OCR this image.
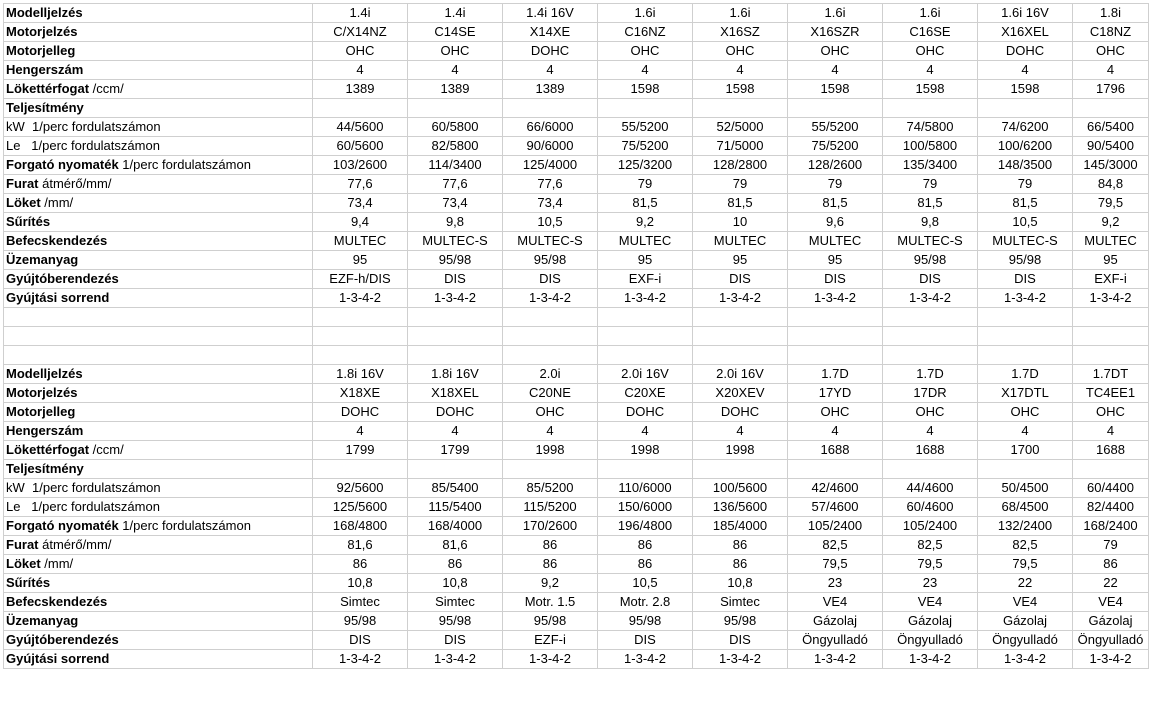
Modelljelzés	1.4i	1.4i	1.4i 16V	1.6i	1.6i	1.6i	1.6i	1.6i 16V	1.8i
Motorjelzés	C/X14NZ	C14SE	X14XE	C16NZ	X16SZ	X16SZR	C16SE	X16XEL	C18NZ
Motorjelleg	OHC	OHC	DOHC	OHC	OHC	OHC	OHC	DOHC	OHC
Hengerszám	4	4	4	4	4	4	4	4	4
Lökettérfogat /ccm/	1389	1389	1389	1598	1598	1598	1598	1598	1796
Teljesítmény									
kW  1/perc fordulatszámon	44/5600	60/5800	66/6000	55/5200	52/5000	55/5200	74/5800	74/6200	66/5400
Le   1/perc fordulatszámon	60/5600	82/5800	90/6000	75/5200	71/5000	75/5200	100/5800	100/6200	90/5400
Forgató nyomaték 1/perc fordulatszámon	103/2600	114/3400	125/4000	125/3200	128/2800	128/2600	135/3400	148/3500	145/3000
Furat átmérő/mm/	77,6	77,6	77,6	79	79	79	79	79	84,8
Löket /mm/	73,4	73,4	73,4	81,5	81,5	81,5	81,5	81,5	79,5
Sűrítés	9,4	9,8	10,5	9,2	10	9,6	9,8	10,5	9,2
Befecskendezés	MULTEC	MULTEC-S	MULTEC-S	MULTEC	MULTEC	MULTEC	MULTEC-S	MULTEC-S	MULTEC
Üzemanyag	95	95/98	95/98	95	95	95	95/98	95/98	95
Gyújtóberendezés	EZF-h/DIS	DIS	DIS	EXF-i	DIS	DIS	DIS	DIS	EXF-i
Gyújtási sorrend	1-3-4-2	1-3-4-2	1-3-4-2	1-3-4-2	1-3-4-2	1-3-4-2	1-3-4-2	1-3-4-2	1-3-4-2

Modelljelzés	1.8i 16V	1.8i 16V	2.0i	2.0i 16V	2.0i 16V	1.7D	1.7D	1.7D	1.7DT
Motorjelzés	X18XE	X18XEL	C20NE	C20XE	X20XEV	17YD	17DR	X17DTL	TC4EE1
Motorjelleg	DOHC	DOHC	OHC	DOHC	DOHC	OHC	OHC	OHC	OHC
Hengerszám	4	4	4	4	4	4	4	4	4
Lökettérfogat /ccm/	1799	1799	1998	1998	1998	1688	1688	1700	1688
Teljesítmény									
kW  1/perc fordulatszámon	92/5600	85/5400	85/5200	110/6000	100/5600	42/4600	44/4600	50/4500	60/4400
Le   1/perc fordulatszámon	125/5600	115/5400	115/5200	150/6000	136/5600	57/4600	60/4600	68/4500	82/4400
Forgató nyomaték 1/perc fordulatszámon	168/4800	168/4000	170/2600	196/4800	185/4000	105/2400	105/2400	132/2400	168/2400
Furat átmérő/mm/	81,6	81,6	86	86	86	82,5	82,5	82,5	79
Löket /mm/	86	86	86	86	86	79,5	79,5	79,5	86
Sűrítés	10,8	10,8	9,2	10,5	10,8	23	23	22	22
Befecskendezés	Simtec	Simtec	Motr. 1.5	Motr. 2.8	Simtec	VE4	VE4	VE4	VE4
Üzemanyag	95/98	95/98	95/98	95/98	95/98	Gázolaj	Gázolaj	Gázolaj	Gázolaj
Gyújtóberendezés	DIS	DIS	EZF-i	DIS	DIS	Öngyulladó	Öngyulladó	Öngyulladó	Öngyulladó
Gyújtási sorrend	1-3-4-2	1-3-4-2	1-3-4-2	1-3-4-2	1-3-4-2	1-3-4-2	1-3-4-2	1-3-4-2	1-3-4-2
